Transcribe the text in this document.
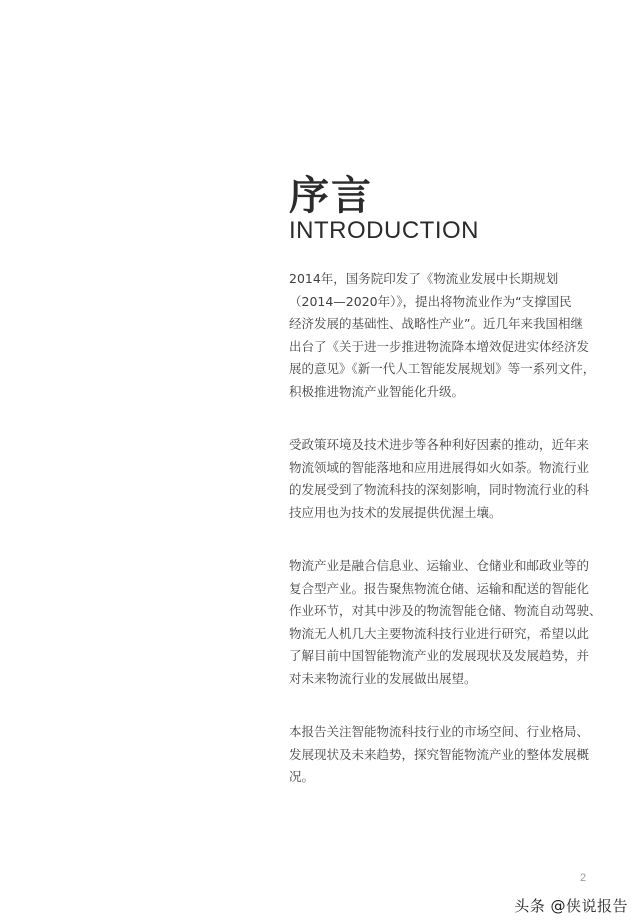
序言
INTRODUCTION

2014年，国务院印发了《物流业发展中长期规划
（2014—2020年）》，提出将物流业作为“支撑国民
经济发展的基础性、战略性产业”。近几年来我国相继
出台了《关于进一步推进物流降本增效促进实体经济发
展的意见》《新一代人工智能发展规划》等一系列文件，
积极推进物流产业智能化升级。

受政策环境及技术进步等各种利好因素的推动，近年来
物流领域的智能落地和应用进展得如火如荼。物流行业
的发展受到了物流科技的深刻影响，同时物流行业的科
技应用也为技术的发展提供优渥土壤。

物流产业是融合信息业、运输业、仓储业和邮政业等的
复合型产业。报告聚焦物流仓储、运输和配送的智能化
作业环节，对其中涉及的物流智能仓储、物流自动驾驶、
物流无人机几大主要物流科技行业进行研究，希望以此
了解目前中国智能物流产业的发展现状及发展趋势，并
对未来物流行业的发展做出展望。

本报告关注智能物流科技行业的市场空间、行业格局、
发展现状及未来趋势，探究智能物流产业的整体发展概
况。

2
头条 @侠说报告
